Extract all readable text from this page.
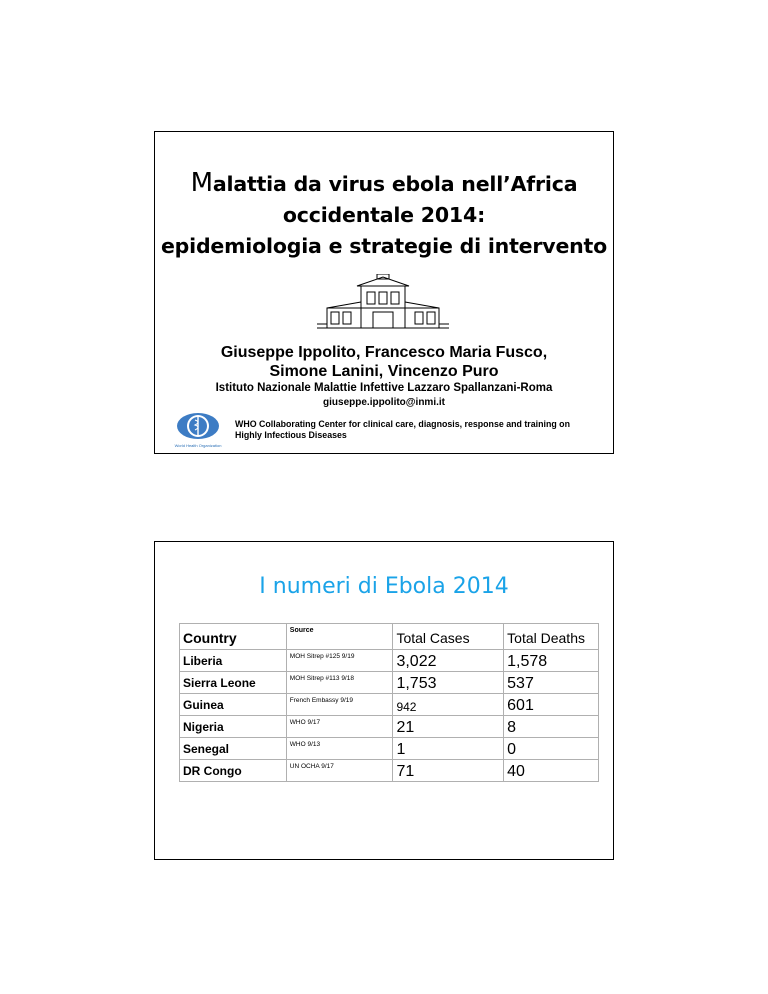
Malattia da virus ebola nell’Africa
occidentale 2014:
epidemiologia e strategie di intervento
Giuseppe Ippolito, Francesco Maria Fusco,
Simone Lanini, Vincenzo Puro
Istituto Nazionale Malattie Infettive Lazzaro Spallanzani-Roma
giuseppe.ippolito@inmi.it
World Health Organization
WHO Collaborating Center for clinical care, diagnosis, response and training on
Highly Infectious Diseases
I numeri di Ebola 2014
Country	Source	Total Cases	Total Deaths
Liberia	MOH Sitrep #125 9/19	3,022	1,578
Sierra Leone	MOH Sitrep #113 9/18	1,753	537
Guinea	French Embassy 9/19	942	601
Nigeria	WHO 9/17	21	8
Senegal	WHO 9/13	1	0
DR Congo	UN OCHA 9/17	71	40
